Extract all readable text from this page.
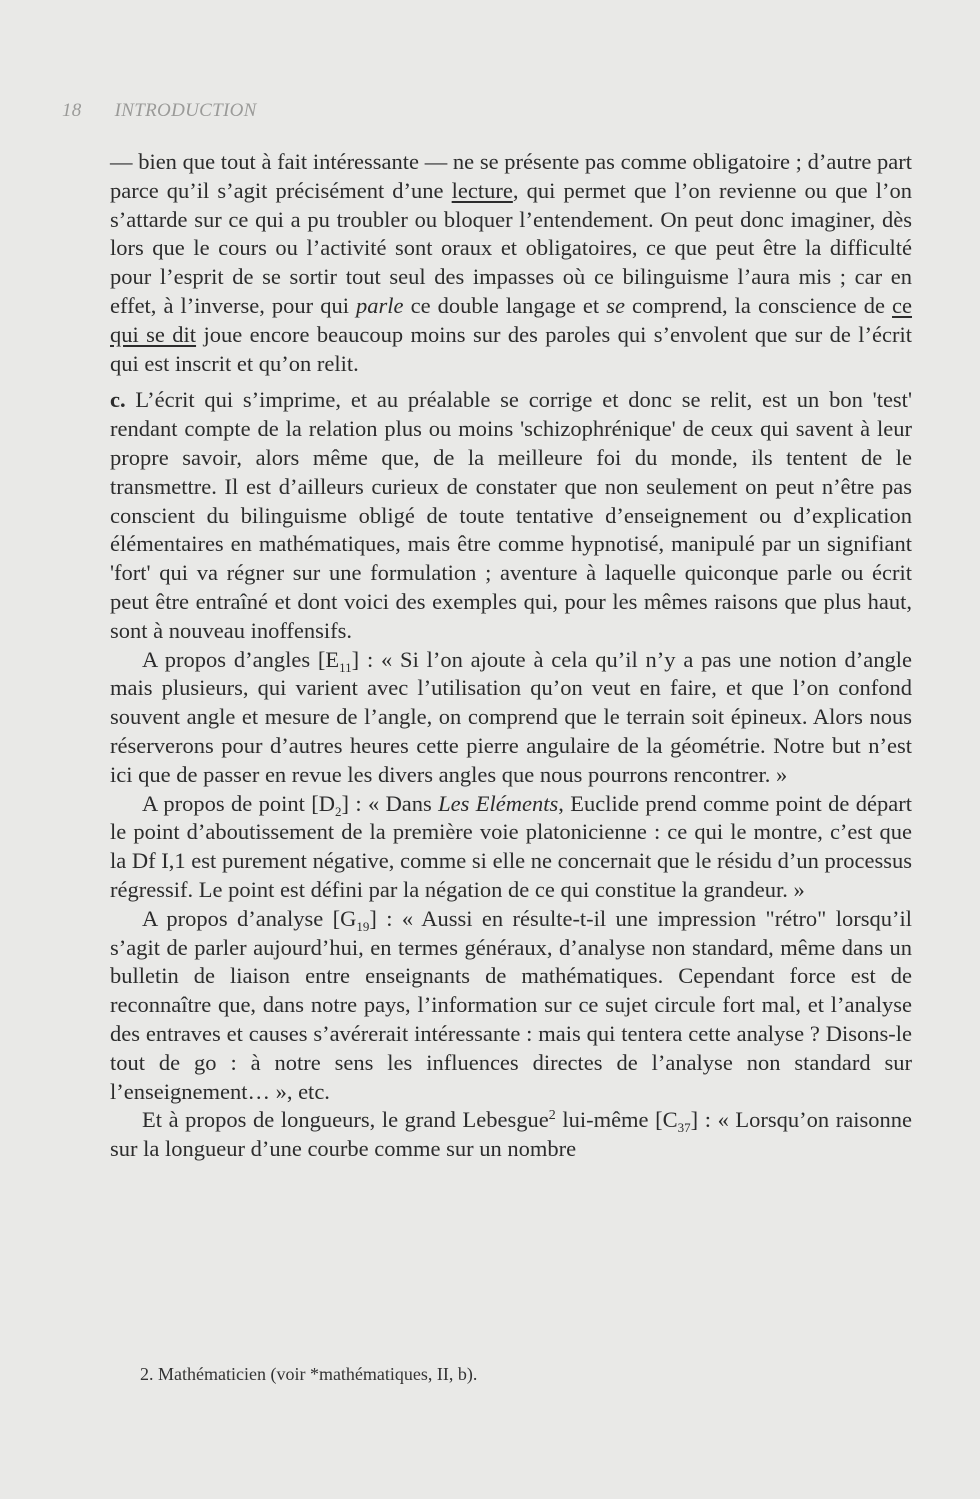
18 INTRODUCTION

— bien que tout à fait intéressante — ne se présente pas comme obligatoire ; d’autre part parce qu’il s’agit précisément d’une lecture, qui permet que l’on revienne ou que l’on s’attarde sur ce qui a pu troubler ou bloquer l’entendement. On peut donc imaginer, dès lors que le cours ou l’activité sont oraux et obligatoires, ce que peut être la difficulté pour l’esprit de se sortir tout seul des impasses où ce bilinguisme l’aura mis ; car en effet, à l’inverse, pour qui parle ce double langage et se comprend, la conscience de ce qui se dit joue encore beaucoup moins sur des paroles qui s’envolent que sur de l’écrit qui est inscrit et qu’on relit.

c. L’écrit qui s’imprime, et au préalable se corrige et donc se relit, est un bon 'test' rendant compte de la relation plus ou moins 'schizophrénique' de ceux qui savent à leur propre savoir, alors même que, de la meilleure foi du monde, ils tentent de le transmettre. Il est d’ailleurs curieux de constater que non seulement on peut n’être pas conscient du bilinguisme obligé de toute tentative d’enseignement ou d’explication élémentaires en mathématiques, mais être comme hypnotisé, manipulé par un signifiant 'fort' qui va régner sur une formulation ; aventure à laquelle quiconque parle ou écrit peut être entraîné et dont voici des exemples qui, pour les mêmes raisons que plus haut, sont à nouveau inoffensifs.

A propos d’angles $[E_{11}]$ : « Si l’on ajoute à cela qu’il n’y a pas une notion d’angle mais plusieurs, qui varient avec l’utilisation qu’on veut en faire, et que l’on confond souvent angle et mesure de l’angle, on comprend que le terrain soit épineux. Alors nous réserverons pour d’autres heures cette pierre angulaire de la géométrie. Notre but n’est ici que de passer en revue les divers angles que nous pourrons rencontrer. »

A propos de point $[D_2]$ : « Dans Les Eléments, Euclide prend comme point de départ le point d’aboutissement de la première voie platonicienne : ce qui le montre, c’est que la Df I,1 est purement négative, comme si elle ne concernait que le résidu d’un processus régressif. Le point est défini par la négation de ce qui constitue la grandeur. »

A propos d’analyse $[G_{19}]$ : « Aussi en résulte-t-il une impression "rétro" lorsqu’il s’agit de parler aujourd’hui, en termes généraux, d’analyse non standard, même dans un bulletin de liaison entre enseignants de mathématiques. Cependant force est de reconnaître que, dans notre pays, l’information sur ce sujet circule fort mal, et l’analyse des entraves et causes s’avérerait intéressante : mais qui tentera cette analyse ? Disons-le tout de go : à notre sens les influences directes de l’analyse non standard sur l’enseignement… », etc.

Et à propos de longueurs, le grand Lebesgue$^2$ lui-même $[C_{37}]$ : « Lorsqu’on raisonne sur la longueur d’une courbe comme sur un nombre

2. Mathématicien (voir *mathématiques, II, b).
